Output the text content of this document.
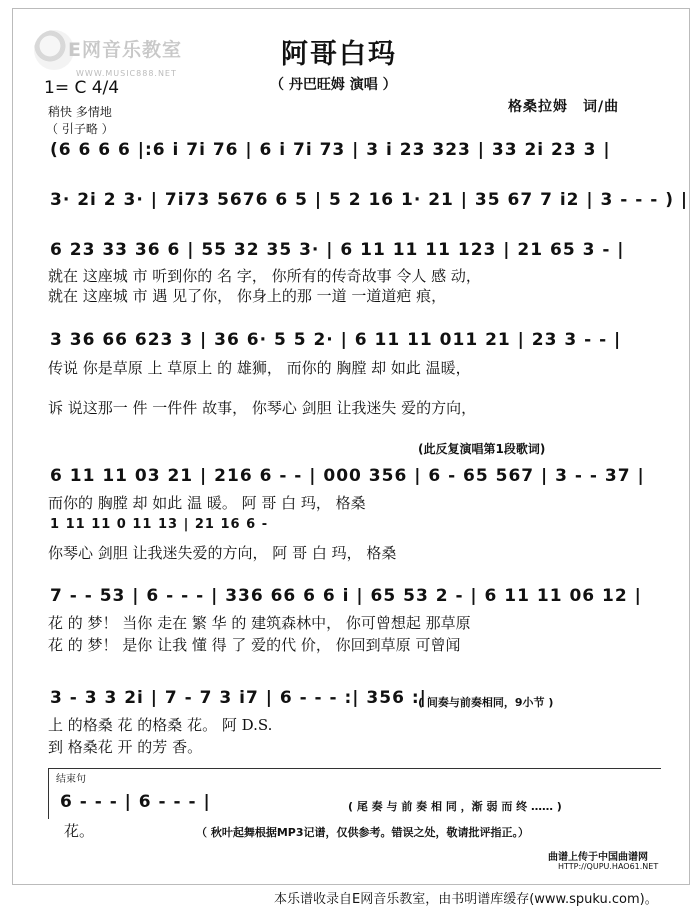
E网音乐教室
WWW.MUSIC888.NET
阿哥白玛
（ 丹巴旺姆 演唱 ）
1= C 4/4
稍快 多情地
（ 引子略 ）
格桑拉姆　词/曲
(6 6 6 6 |:6 i 7i 76 | 6 i 7i 73 | 3 i 23 323 | 33 2i 23 3 |
3· 2i 2 3· | 7i73 5676 6 5 | 5 2 16 1· 21 | 35 67 7 i2 | 3 - - - ) |
6 23 33 36 6 | 55 32 35 3· | 6 11 11 11 123 | 21 65 3 - |
就在 这座城 市 听到你的 名 字， 你所有的传奇故事 令人 感 动，
就在 这座城 市 遇 见了你， 你身上的那 一道 一道道疤 痕，
3 36 66 623 3 | 36 6· 5 5 2· | 6 11 11 011 21 | 23 3 - - |
传说 你是草原 上 草原上 的 雄狮， 而你的 胸膛 却 如此 温暖，
诉 说这那一 件 一件件 故事， 你琴心 剑胆 让我迷失 爱的方向，
(此反复演唱第1段歌词)
6 11 11 03 21 | 216 6 - - | 000 356 | 6 - 65 567 | 3 - - 37 |
而你的 胸膛 却 如此 温 暖。 阿 哥 白 玛， 格桑
1 11 11 0 11 13 | 21 16 6 -
你琴心 剑胆 让我迷失爱的方向， 阿 哥 白 玛， 格桑
7 - - 53 | 6 - - - | 336 66 6 6 i | 65 53 2 - | 6 11 11 06 12 |
花 的 梦！ 当你 走在 繁 华 的 建筑森林中， 你可曾想起 那草原
花 的 梦！ 是你 让我 懂 得 了 爱的代 价， 你回到草原 可曾闻
3 - 3 3 2i | 7 - 7 3 i7 | 6 - - - :| 356 :|
( 间奏与前奏相同，9小节 )
上 的格桑 花 的格桑 花。 阿 D.S.
到 格桑花 开 的芳 香。
结束句
6 - - - | 6 - - - |	( 尾 奏 与 前 奏 相 同 ，渐 弱 而 终 …… )
花。	（ 秋叶起舞根据MP3记谱，仅供参考。错误之处，敬请批评指正。）
曲谱上传于中国曲谱网
HTTP://QUPU.HAO61.NET
本乐谱收录自E网音乐教室，由书明谱库缓存(www.spuku.com)。
